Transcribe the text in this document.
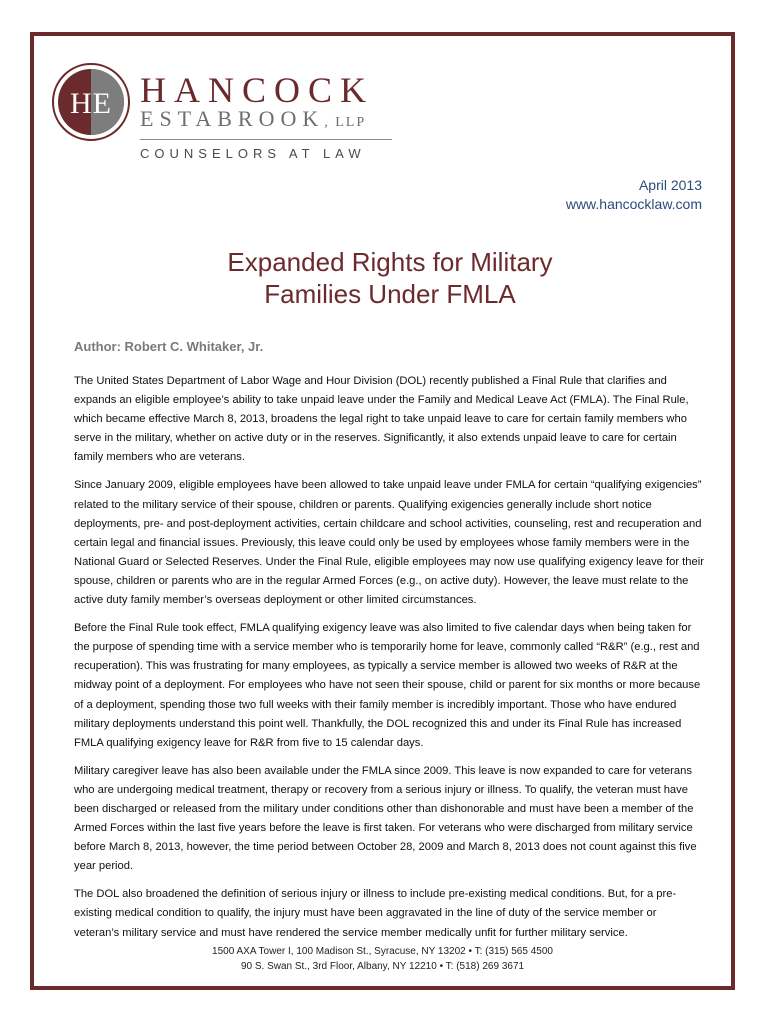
HE HANCOCK
ESTABROOK, LLP
COUNSELORS AT LAW
April 2013
www.hancocklaw.com
Expanded Rights for Military
Families Under FMLA
Author: Robert C. Whitaker, Jr.

The United States Department of Labor Wage and Hour Division (DOL) recently published a Final Rule that clarifies and expands an eligible employee’s ability to take unpaid leave under the Family and Medical Leave Act (FMLA). The Final Rule, which became effective March 8, 2013, broadens the legal right to take unpaid leave to care for certain family members who serve in the military, whether on active duty or in the reserves. Significantly, it also extends unpaid leave to care for certain family members who are veterans.

Since January 2009, eligible employees have been allowed to take unpaid leave under FMLA for certain “qualifying exigencies” related to the military service of their spouse, children or parents. Qualifying exigencies generally include short notice deployments, pre- and post-deployment activities, certain childcare and school activities, counseling, rest and recuperation and certain legal and financial issues. Previously, this leave could only be used by employees whose family members were in the National Guard or Selected Reserves. Under the Final Rule, eligible employees may now use qualifying exigency leave for their spouse, children or parents who are in the regular Armed Forces (e.g., on active duty). However, the leave must relate to the active duty family member’s overseas deployment or other limited circumstances.

Before the Final Rule took effect, FMLA qualifying exigency leave was also limited to five calendar days when being taken for the purpose of spending time with a service member who is temporarily home for leave, commonly called “R&R” (e.g., rest and recuperation). This was frustrating for many employees, as typically a service member is allowed two weeks of R&R at the midway point of a deployment. For employees who have not seen their spouse, child or parent for six months or more because of a deployment, spending those two full weeks with their family member is incredibly important. Those who have endured military deployments understand this point well. Thankfully, the DOL recognized this and under its Final Rule has increased FMLA qualifying exigency leave for R&R from five to 15 calendar days.

Military caregiver leave has also been available under the FMLA since 2009. This leave is now expanded to care for veterans who are undergoing medical treatment, therapy or recovery from a serious injury or illness. To qualify, the veteran must have been discharged or released from the military under conditions other than dishonorable and must have been a member of the Armed Forces within the last five years before the leave is first taken. For veterans who were discharged from military service before March 8, 2013, however, the time period between October 28, 2009 and March 8, 2013 does not count against this five year period.

The DOL also broadened the definition of serious injury or illness to include pre-existing medical conditions. But, for a pre-existing medical condition to qualify, the injury must have been aggravated in the line of duty of the service member or veteran’s military service and must have rendered the service member medically unfit for further military service.

1500 AXA Tower I, 100 Madison St., Syracuse, NY 13202 • T: (315) 565 4500
90 S. Swan St., 3rd Floor, Albany, NY 12210 • T: (518) 269 3671
